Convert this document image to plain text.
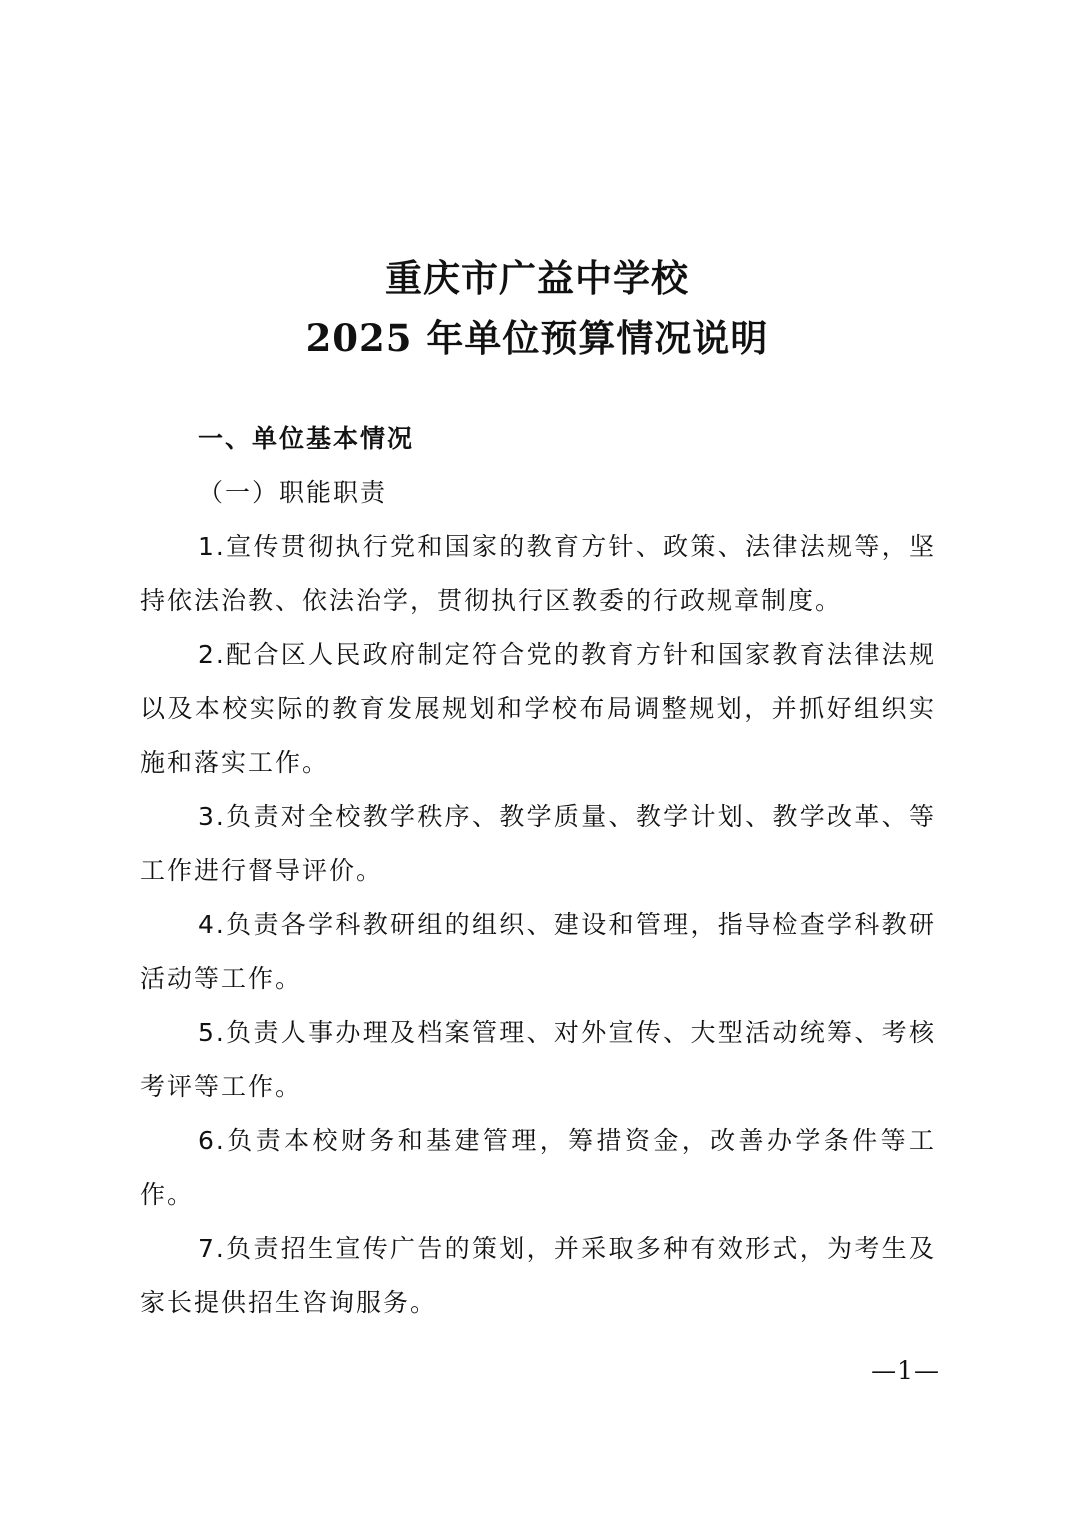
重庆市广益中学校
2025 年单位预算情况说明

一、单位基本情况

（一）职能职责

1.宣传贯彻执行党和国家的教育方针、政策、法律法规等，坚持依法治教、依法治学，贯彻执行区教委的行政规章制度。

2.配合区人民政府制定符合党的教育方针和国家教育法律法规以及本校实际的教育发展规划和学校布局调整规划，并抓好组织实施和落实工作。

3.负责对全校教学秩序、教学质量、教学计划、教学改革、等工作进行督导评价。

4.负责各学科教研组的组织、建设和管理，指导检查学科教研活动等工作。

5.负责人事办理及档案管理、对外宣传、大型活动统筹、考核考评等工作。

6.负责本校财务和基建管理，筹措资金，改善办学条件等工作。

7.负责招生宣传广告的策划，并采取多种有效形式，为考生及家长提供招生咨询服务。

—1—
